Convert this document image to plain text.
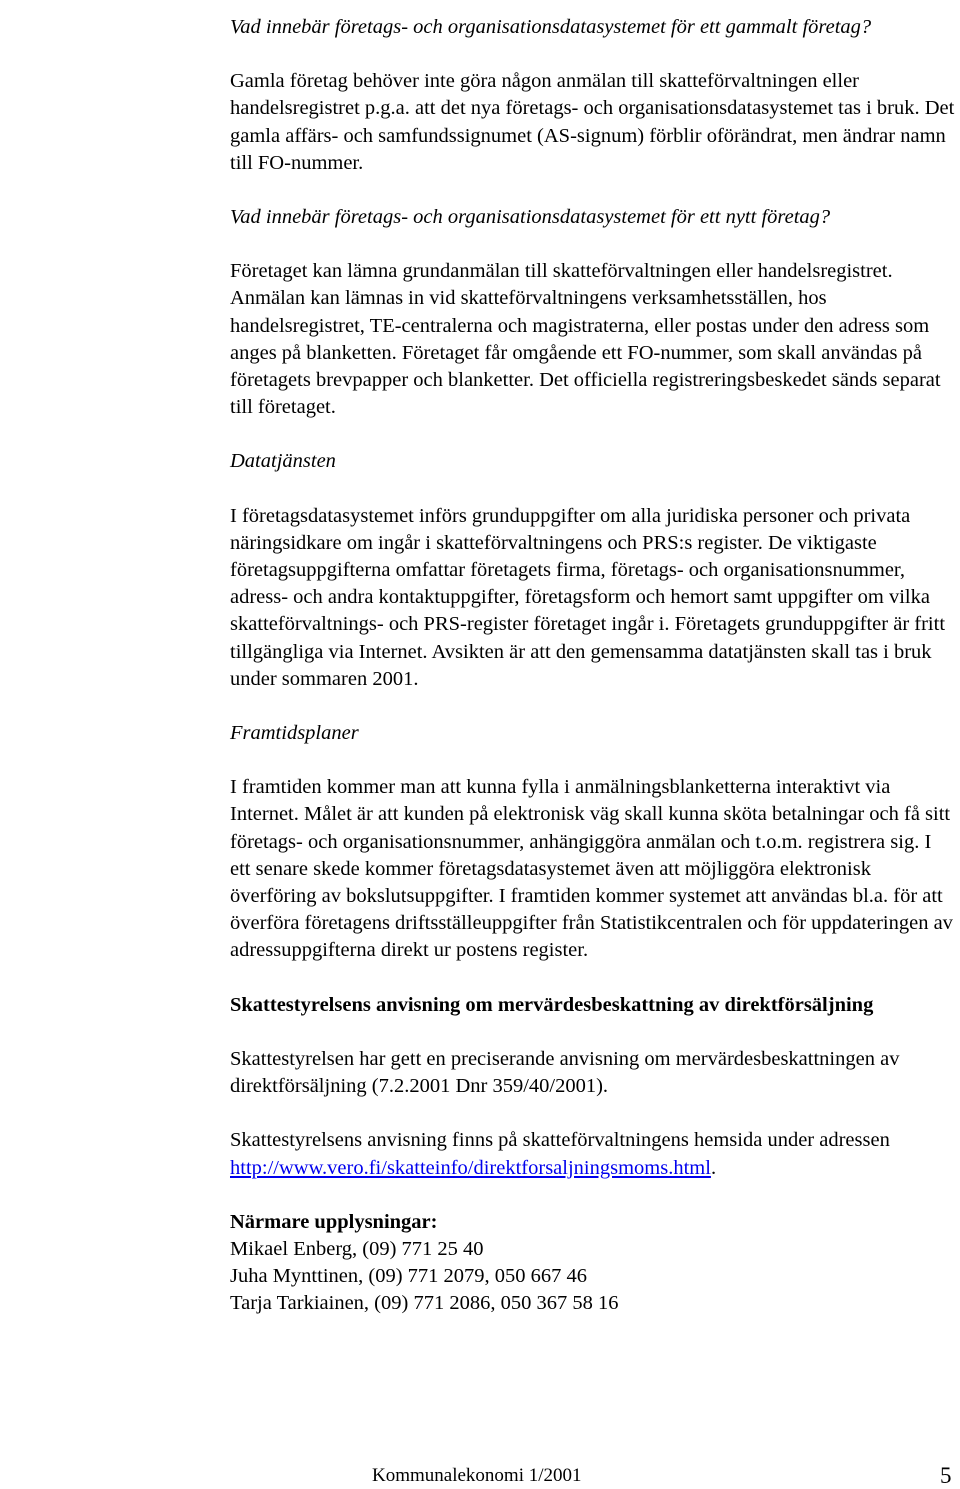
Vad innebär företags- och organisationsdatasystemet för ett gammalt företag?

Gamla företag behöver inte göra någon anmälan till skatteförvaltningen eller handelsregistret p.g.a. att det nya företags- och organisationsdatasystemet tas i bruk. Det gamla affärs- och samfundssignumet (AS-signum) förblir oförändrat, men ändrar namn till FO-nummer.

Vad innebär företags- och organisationsdatasystemet för ett nytt företag?

Företaget kan lämna grundanmälan till skatteförvaltningen eller handelsregistret. Anmälan kan lämnas in vid skatteförvaltningens verksamhetsställen, hos handelsregistret, TE-centralerna och magistraterna, eller postas under den adress som anges på blanketten. Företaget får omgående ett FO-nummer, som skall användas på företagets brevpapper och blanketter. Det officiella registreringsbeskedet sänds separat till företaget.

Datatjänsten

I företagsdatasystemet införs grunduppgifter om alla juridiska personer och privata näringsidkare om ingår i skatteförvaltningens och PRS:s register. De viktigaste företagsuppgifterna omfattar företagets firma, företags- och organisationsnummer, adress- och andra kontaktuppgifter, företagsform och hemort samt uppgifter om vilka skatteförvaltnings- och PRS-register företaget ingår i. Företagets grunduppgifter är fritt tillgängliga via Internet. Avsikten är att den gemensamma datatjänsten skall tas i bruk under sommaren 2001.

Framtidsplaner

I framtiden kommer man att kunna fylla i anmälningsblanketterna interaktivt via Internet. Målet är att kunden på elektronisk väg skall kunna sköta betalningar och få sitt företags- och organisationsnummer, anhängiggöra anmälan och t.o.m. registrera sig. I ett senare skede kommer företagsdatasystemet även att möjliggöra elektronisk överföring av bokslutsuppgifter. I framtiden kommer systemet att användas bl.a. för att överföra företagens driftsställeuppgifter från Statistikcentralen och för uppdateringen av adressuppgifterna direkt ur postens register.

Skattestyrelsens anvisning om mervärdesbeskattning av direktförsäljning

Skattestyrelsen har gett en preciserande anvisning om mervärdesbeskattningen av direktförsäljning (7.2.2001 Dnr 359/40/2001).

Skattestyrelsens anvisning finns på skatteförvaltningens hemsida under adressen http://www.vero.fi/skatteinfo/direktforsaljningsmoms.html.

Närmare upplysningar:

Mikael Enberg, (09) 771 25 40

Juha Mynttinen, (09) 771 2079, 050 667 46

Tarja Tarkiainen, (09) 771 2086, 050 367 58 16

Kommunalekonomi 1/2001	5
